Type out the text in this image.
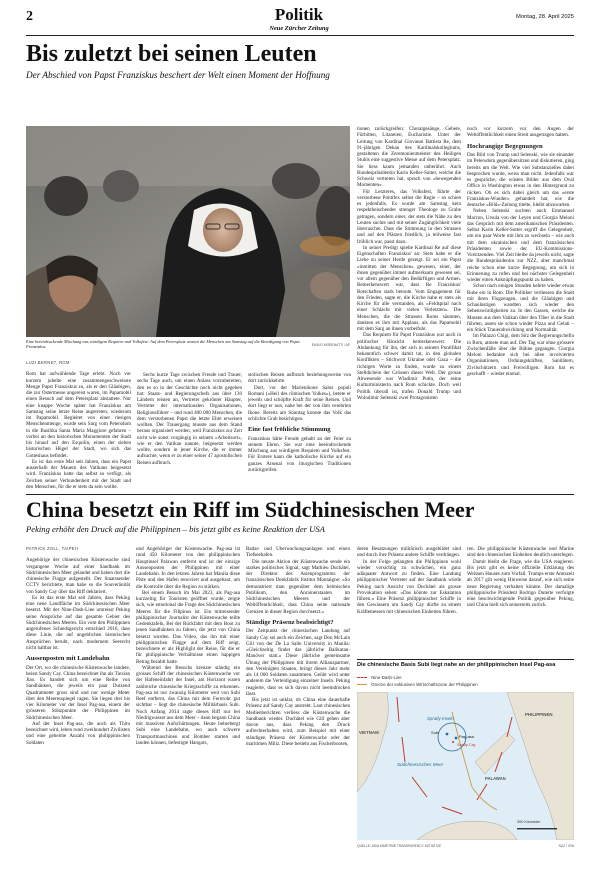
2	Politik
Neue Zürcher Zeitung
Montag, 28. April 2025
Bis zuletzt bei seinen Leuten
Der Abschied von Papst Franziskus beschert der Welt einen Moment der Hoffnung
Eine beeindruckende Mischung aus würdigem Requiem und Volksfest: Auf dem Petersplatz warten die Menschen am Samstag auf die Beerdigung von Papst Franziskus.	EMILIO MORENATTI / AP
LUZI BERNET, ROM

Rom hat aufwühlende Tage erlebt. Noch vor kurzem jubelte eine zusammengeschweisste Menge Papst Franziskus zu, als er den Gläubigen, die zur Ostermesse angereist waren, im Papamobil einen Besuch auf dem Petersplatz abstattete. Nur eine knappe Woche später hat Franziskus am Samstag seine letzte Reise angetreten, wiederum im Papamobil. Begleitet von einer riesigen Menschenmenge, wurde sein Sarg vom Petersdom in die Basilika Santa Maria Maggiore gefahren – vorbei an den historischen Monumenten der Stadt bis hinauf auf den Esquilin, einen der sieben historischen Hügel der Stadt, wo sich das Gotteshaus befindet.

Es ist das erste Mal seit Jahren, dass ein Papst ausserhalb der Mauern des Vatikans beigesetzt wird. Franziskus hatte das selbst so verfügt, als Zeichen seiner Verbundenheit mit der Stadt und den Menschen, für die er stets da sein wollte.

Sechs kurze Tage zwischen Freude und Trauer, sechs Tage auch, um einen Anlass vorzubereiten, den es so in der Geschichte noch nicht gegeben hat: Staats- und Regierungschefs aus über 130 Ländern reisten an, Vertreter gekrönter Häupter, Vertreter der internationalen Organisationen, Religionsführer – und rund 400 000 Menschen, die dem verstorbenen Papst die letzte Ehre erweisen wollten. Der Trauergang musste aus dem Stand heraus organisiert werden, weil Franziskus zur Zeit nicht wie sonst vorgängig in seinem »Arbeitsort«, wie er den Vatikan nannte, beigesetzt werden wollte, sondern in jener Kirche, die er immer aufsuchte, wenn er zu einer seiner 47 apostolischen Reisen aufbrach.

stolischen Reisen aufbrach beziehungsweise von dort zurückkehrte.

Dort, vor der Marienikone Salus populi Romani («Heil des römischen Volkes»), betete er jeweils und schöpfte Kraft für seine Reisen. Und dort liegt er nun, nahe bei der von ihm verehrten Ikone. Bereits am Sonntag konnte das Volk das schlichte Grab besichtigen.

Eine fast fröhliche Stimmung

Franziskus hätte Freude gehabt an der Feier zu seinem Ehren. Sie war eine beeindruckende Mischung aus würdigem Requiem und Volksfest. Für Erstere kann die katholische Kirche auf ein ganzes Arsenal von liturgischen Traditionen zurückgreifen.

tionen zurückgreifen: Choralgesänge, Gebete, Fürbitten, Litaneien, Eucharistie. Unter der Leitung von Kardinal Giovanni Battista Re, dem 91-jährigen Dekan des Kardinalskollegiums, gestalteten die Zeremonienmeister des Heiligen Stuhls eine suggestive Messe auf dem Petersplatz. Sie liess kaum jemanden unberührt. Auch Bundespräsidentin Karin Keller-Sutter, welche die Schweiz vertreten hat, sprach von «bewegenden Momenten».

Für Letzteres, das Volksfest, führte der verstorbene Pontifex selbst die Regie – so schien es jedenfalls. Es wurde am Samstag kein respektheischender strenger Theologe zu Grabe getragen, sondern einer, der stets die Nähe zu den Leuten suchte und mit seiner Zugänglichkeit viele überraschte. Dass die Stimmung in den Strassen und auf den Plätzen friedlich, ja teilweise fast fröhlich war, passt dazu.

In seiner Predigt spielte Kardinal Re auf diese Eigenschaften Franziskus' an: Stets habe er die Liebe zu seiner Herde gezeigt. Er sei ein Papst «inmitten der Menschen» gewesen, einer, der ihnen gegenüber immer aufmerksam gewesen sei, vor allem gegenüber den Bedürftigen und Armen. Bemerkenswert war, dass Re Franziskus' Botschaften stark betonte. Vom Engagement für den Frieden, sagte er, die Kirche habe er stets als Kirche für alle verstanden, als «Feldspital nach einer Schlacht mit vielen Verletzten». Die Menschen, die die Strassen Roms säumten, dankten es ihm mit Applaus, als das Papamobil mit dem Sarg an ihnen vorbeifuhr.

Das Requiem für Papst Franziskus war auch in politischer Hinsicht bemerkenswert. Die Abdankung für ihn, der sich in seinem Pontifikat bekanntlich schwer damit tat, in den globalen Konflikten – Stichwort Ukraine oder Gaza – die richtigen Worte zu finden, wurde zu einem Stelldichein der Grössen dieser Welt. Der grosse Abwesende war Wladimir Putin, der seine Kulturministerin nach Rom schickte. Doch weil Politik überall ist, trafen Donald Trump und Wolodimir Selenski zwei Protagonisten

noch vor kurzem vor den Augen der Weltöffentlichkeit einen Streit ausgetragen hatten.

Hochrangige Begegnungen

Das Bild von Trump und Selenski, wie sie einander im Petersdom gegenübersitzen und diskutieren, ging bereits um die Welt. Wie viel Substanzielles dabei besprochen wurde, weiss man nicht. Jedenfalls war es gespräche, die wüsten Bilder aus dem Oval Office in Washington etwas in den Hintergrund zu rücken. Ob es sich dabei gleich um das «erste Franziskus-Wunder» gehandelt hat, wie die deutsche «Bild»-Zeitung titelte, bleibt abzuwarten.

Neben Selenski suchten auch Emmanuel Macron, Ursula von der Leyen und Giorgia Meloni das Gespräch mit dem amerikanischen Präsidenten. Selbst Karin Keller-Sutter ergriff die Gelegenheit, um ein paar Worte mit ihm zu wechseln – wie auch mit dem ukrainischen und dem französischen Präsidenten sowie der EU-Kommissions-Vorsitzenden. Viel Zeit bleibe da jeweils nicht, sagte die Bundespräsidentin zur NZZ, aber manchmal reiche schon eine kurze Begegnung, um sich in Erinnerung zu rufen und bei nächster Gelegenheit wieder einen Anknüpfungspunkt zu haben.

Schon nach einigen Stunden kehrte wieder etwas Ruhe ein in Rom. Die Politiker verliessen die Stadt mit ihren Flugzeugen, und die Gläubigen und Schaulustigen wandten sich wieder den Sehenswürdigkeiten zu. In den Gassen, welche die Massen aus dem Vatikan über den Tiber in die Stadt führten, assen sie schon wieder Pizza und Gelati – ein Stück Trauerabwicklung und Normalität.

Im Palazzo Chigi, dem Sitz der Regierungschefin in Rom, atmete man auf. Der Tag war ohne grössere Zwischenfälle über die Bühne gegangen. Giorgia Meloni bedankte sich bei allen involvierten Organisationen, Ordnungskräften, Sanitätern, Zivilschützern und Freiwilligen. Rom hat es geschafft – wieder einmal.

China besetzt ein Riff im Südchinesischen Meer
Peking erhöht den Druck auf die Philippinen – bis jetzt gibt es keine Reaktion der USA
PATRICK ZOLL, TAIPEH

Angehörige der chinesischen Küstenwache sind vergangene Woche auf einer Sandbank im Südchinesischen Meer gelandet und haben dort die chinesische Flagge aufgestellt. Der Staatssender CCTV berichtete, man habe so die Souveränität von Sandy Cay über das Riff deklariert.

Es ist das erste Mal seit Jahren, dass Peking eine neue Landfläche im Südchinesischen Meer besetzt. Mit der Nine-Dash-Line umreisst Peking seine Ansprüche auf das gesamte Gebiet des Südchinesischen Meeres. Ein vom den Philippinen angerufenes Schiedsgericht entschied 2016, dass diese Linie, die auf angeblichen historischen Ansprüchen beruht, nach modernem Seerecht nicht haltbar ist.

Aussenposten mit Landebahn

Der Ort, wo die chinesische Küstenwache landete, heisst Sandy Cay. China bezeichnet ihn als Tiexian Jiao. Es handelt sich um eine Reihe von Sandbänken, die jeweils ein paar Dutzend Quadratmeter gross sind und nur wenige Meter über den Meeresspiegel ragen. Sie liegen drei bis vier Kilometer vor der Insel Pag-asa, einem der grösseren Stützpunkte der Philippinen im Südchinesischen Meer.

Auf der Insel Pag-asa, die auch als Thitu bezeichnet wird, leben rund zweihundert Zivilisten und eine geheime Anzahl von philippinischen Soldaten

und Angehöriger der Küstenwache. Pag-asa ist rund 450 Kilometer von den philippinischen Hauptinsel Palawan entfernt und ist der einzige Aussenposten der Philippinen mit einer Landebahn. In den letzten Jahren hat Manila diese Piste und den Hafen renoviert und ausgebaut, um die Kontrolle über die Region zu stärken.

Bei einem Besuch im Mai 2023, als Pag-asa kurzzeitig für Touristen geöffnet wurde, zeigte sich, wie emotional die Frage des Südchinesischen Meeres für die Filipinos ist. Ein mitreisender philippinischer Journalist der Küstenwache teilte Gedenktafeln, Bei der Rückfahrt mit dem Boot zu jenen Sandbänken zu fahren, die jetzt von China besetzt wurden. Das Video, das ihn mit einer philippinischen Flagge auf dem Riff zeigt, bezeichnete er als Highlight der Reise, für die er für philippinische Verhältnisse einen happigen Betrag bezahlt hatte.

Während des Besuchs kreuzte ständig ein grosses Schiff der chinesischen Küstenwache vor der Hafeneinfahrt der Insel, am Horizont waren zahlreiche chinesische Kriegsschiffe zu erkennen. Pag-asa ist nur zwanzig Kilometer weit von Subi Reef entfernt, das China mit dem Fernrohr gut sichtbar – liegt die chinesische Militärbasis Subi. Noch Anfang 2014 ragte dieses Riff nur bei Niedrigwasser aus dem Meer – dann begann China mit massiven Aufschüttungen. Heute beherbergt Subi eine Landebahn, wo auch schwere Transportmaschinen und Bomber starten und landen können, befestigte Hangars,

Radar- und Überwachungsanlagen und einen Tiefseehafen.

Die neuste Aktion der Küstenwache sende ein starkes politisches Signal, sagt Mathieu Duchâtel, der Direktor des Asienprogramms der französischen Denkfabrik Institut Montaigne: «So demonstriert man gegenüber dem heimischen Publikum, den Anrainerstaaten im Südchinesischen Meeres und der Weltöffentlichkeit, dass China seine nationale Grenzen in dieser Region durchsetzt.»

Ständige Präsenz beabsichtigt?

Der Zeitpunkt der chinesischen Landung auf Sandy Cay sei auch ein Zeichen, sagt Don McLain Gill von der De La Salle University in Manila: «Gleichzeitig findet das jährliche Balikatan-Manöver statt.» Diese jährliche gemeinsame Übung der Philippinen mit ihrem Allianzpartner, den Vereinigten Staaten, bringt dieses Jahr mehr als 14 000 Soldaten zusammen. Geübt wird unter anderem die Verteidigung einzelner Inseln. Peking reagierte, dass es sich davon nicht beeindrucken lässt.

Bis jetzt ist unklar, ob China eine dauerhafte Präsenz auf Sandy Cay anstrebt. Laut chinesischen Medienberichten verliess die Küstenwache die Sandbank wieder. Duchâtel wie Gill gehen aber davon aus, dass Peking den Druck aufrechterhalten wird, zum Beispiel mit einer ständigen Präsenz der Küstenwache oder der maritimen Miliz. Diese besteht aus Fischerbooten,

deren Besatzungen militärisch ausgebildet sind und durch ihre Präsenz andere Schiffe verdrängen.

In der Folge gelangten die Philippinen wohl wieder vorsichtig zu schwächen, ein ganz adäquater Antwort zu finden. Eine Landung philippinischer Vertreter auf der Sandbank würde Peking nach Ansicht von Duchâtel als grosse Provokation sehen: «Das könnte zur Eskalation führen.» Eine Präsenz philippinischer Schiffe in den Gewässern um Sandy Cay dürfte zu einem Kräftemessen mit chinesischen Einheiten führen.

ren. Die philippinische Küstenwache und Marine sind den chinesischen Einheiten deutlich unterlegen.

Damit bleibt die Frage, wie die USA reagieren. Bis jetzt gibt es keine offizielle Erklärung des Weissen Hauses zum Vorfall. Trumps erste Amtszeit ab 2017 gilt wenig Hinweise darauf, wie sich seine neue Regierung verhalten könnte. Der damalige philippinische Präsident Rodrigo Duterte verfolgte eine beschwichtigende Politik gegenüber Peking, und China hielt sich seinerseits zurück.

Die chinesische Basis Subi liegt nahe an der philippinischen Insel Pag-asa
Nine-Dash-Line
Grenze der exklusiven Wirtschaftszone der Philippinen
VIETNAM
Südchinesisches Meer
Spratly-Inseln
Subi
Pag-asa
Sandy Cay
PHILIPPINEN
PALAWAN
300 Kilometer
QUELLE: ASIA MARITIME TRANSPARENCY INITIATIVE	NZZ / JSN
